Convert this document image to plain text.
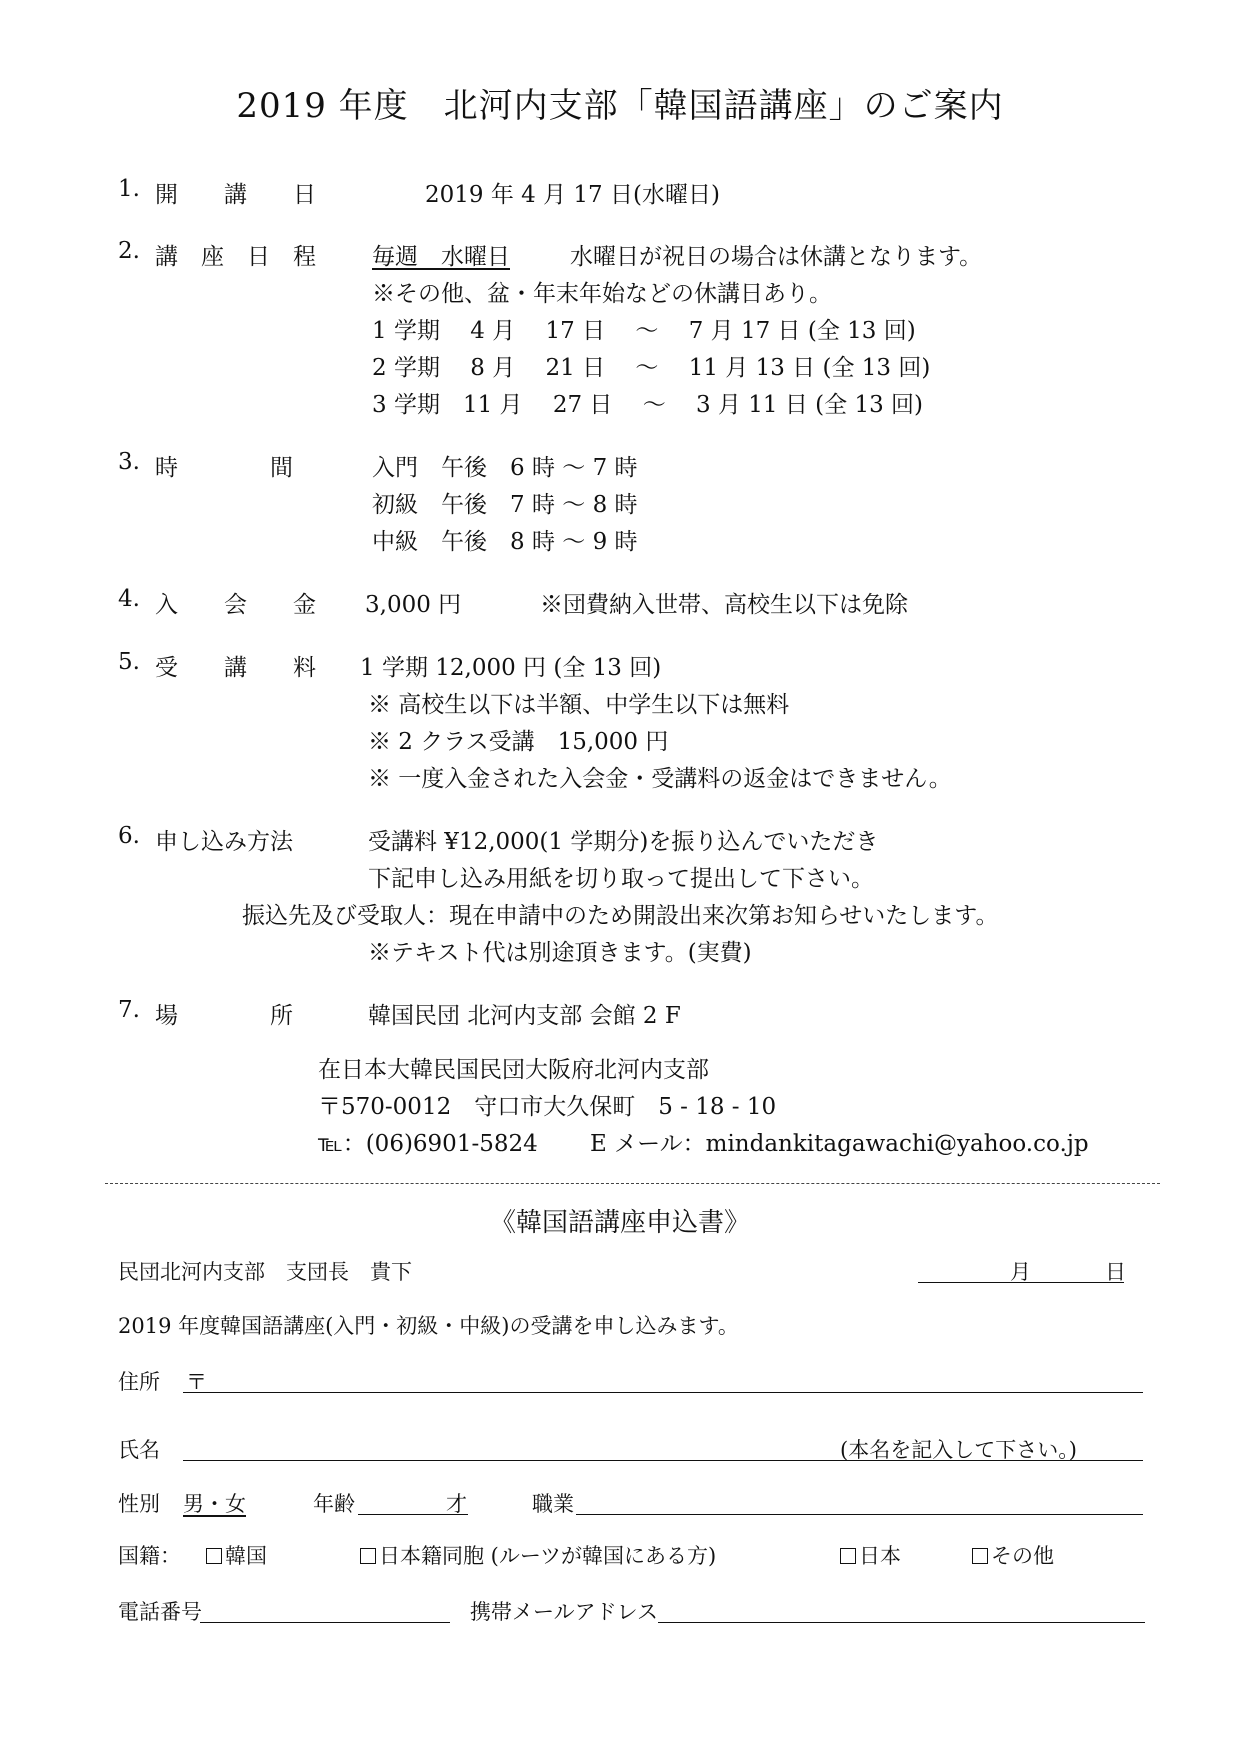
2019 年度　北河内支部「韓国語講座」のご案内
1. 開　　講　　日	2019 年 4 月 17 日(水曜日)
2. 講　座　日　程 毎週　水曜日	水曜日が祝日の場合は休講となります。
※その他、盆・年末年始などの休講日あり。
1 学期　 4 月　 17 日　 ～　 7 月 17 日 (全 13 回)
2 学期　 8 月　 21 日　 ～　 11 月 13 日 (全 13 回)
3 学期　11 月　 27 日　 ～　 3 月 11 日 (全 13 回)
3. 時　　　　間	入門　午後　6 時 ～ 7 時
初級　午後　7 時 ～ 8 時
中級　午後　8 時 ～ 9 時
4. 入　　会　　金 3,000 円	※団費納入世帯、高校生以下は免除
5. 受　　講　　料 1 学期 12,000 円 (全 13 回)
※ 高校生以下は半額、中学生以下は無料
※ 2 クラス受講　15,000 円
※ 一度入金された入会金・受講料の返金はできません。
6. 申し込み方法	受講料 ¥12,000(1 学期分)を振り込んでいただき
下記申し込み用紙を切り取って提出して下さい。
振込先及び受取人：現在申請中のため開設出来次第お知らせいたします。
※テキスト代は別途頂きます。(実費)
7. 場　　　　所	韓国民団 北河内支部 会館 2 F
在日本大韓民国民団大阪府北河内支部
〒570-0012　守口市大久保町　5 - 18 - 10
℡：(06)6901-5824 E メール：mindankitagawachi@yahoo.co.jp
《韓国語講座申込書》
民団北河内支部　支団長　貴下	月	日
2019 年度韓国語講座(入門・初級・中級)の受講を申し込みます。
住所 〒
氏名	(本名を記入して下さい。)
性別 男・女	年齢	才	職業
国籍：	韓国	日本籍同胞 (ルーツが韓国にある方)	日本	その他
電話番号	携帯メールアドレス
